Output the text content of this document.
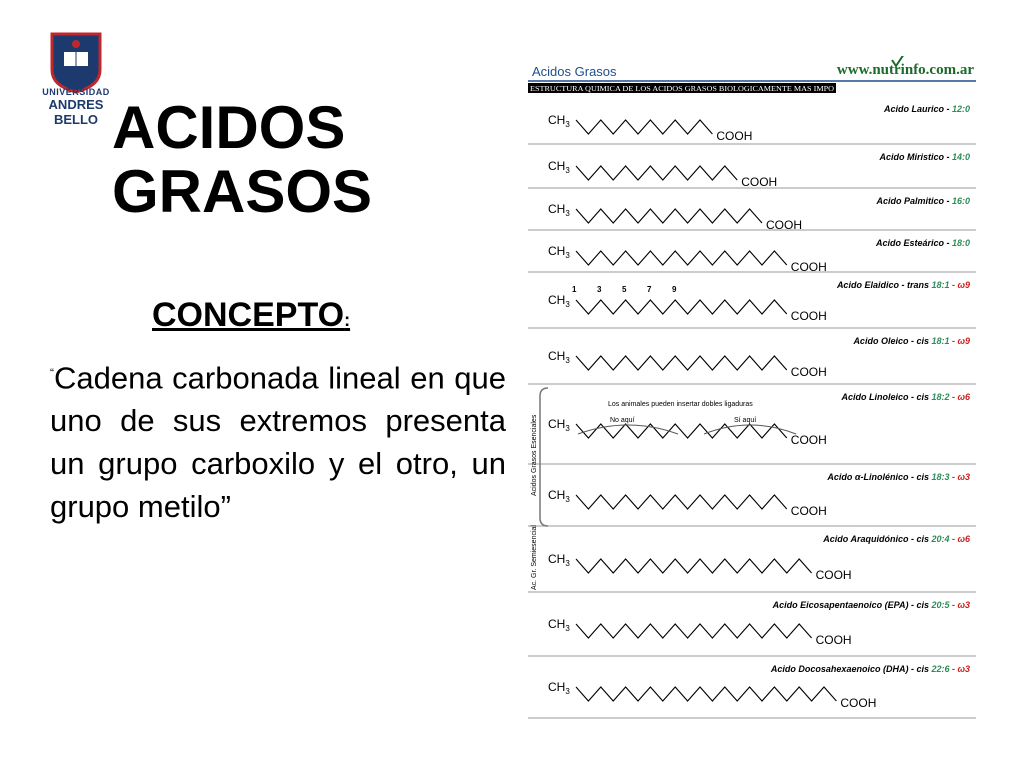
UNIVERSIDAD
ANDRES BELLO ACIDOS
GRASOS
CONCEPTO:
“Cadena carbonada lineal en que uno de sus extremos presenta un grupo carboxilo y el otro, un grupo metilo”
Acidos Grasos	www.nutrinfo.com.ar
ESTRUCTURA QUIMICA DE LOS ACIDOS GRASOS BIOLOGICAMENTE MAS IMPO
Acido Laurico - 12:0
$CH_3$
COOH
Acido Miristico - 14:0
$CH_3$
COOH
Acido Palmitico - 16:0
$CH_3$
COOH
Acido Esteárico - 18:0
$CH_3$
COOH
Acido Elaidico - trans 18:1 - ω9
$CH_3$
COOH
Acido Oleico - cis 18:1 - ω9
$CH_3$
COOH
Acido Linoleico - cis 18:2 - ω6
$CH_3$
COOH
Acido α-Linolénico - cis 18:3 - ω3
$CH_3$
COOH
Acido Araquidónico - cis 20:4 - ω6
$CH_3$
COOH
Acido Eicosapentaenoico (EPA) - cis 20:5 - ω3
$CH_3$
COOH
Acido Docosahexaenoico (DHA) - cis 22:6 - ω3
$CH_3$
COOH
1	3	5	7	9
Los animales pueden insertar dobles ligaduras
No aquí	Sí aquí
Acidos Grasos Esenciales
Ac. Gr. Semiesencial
